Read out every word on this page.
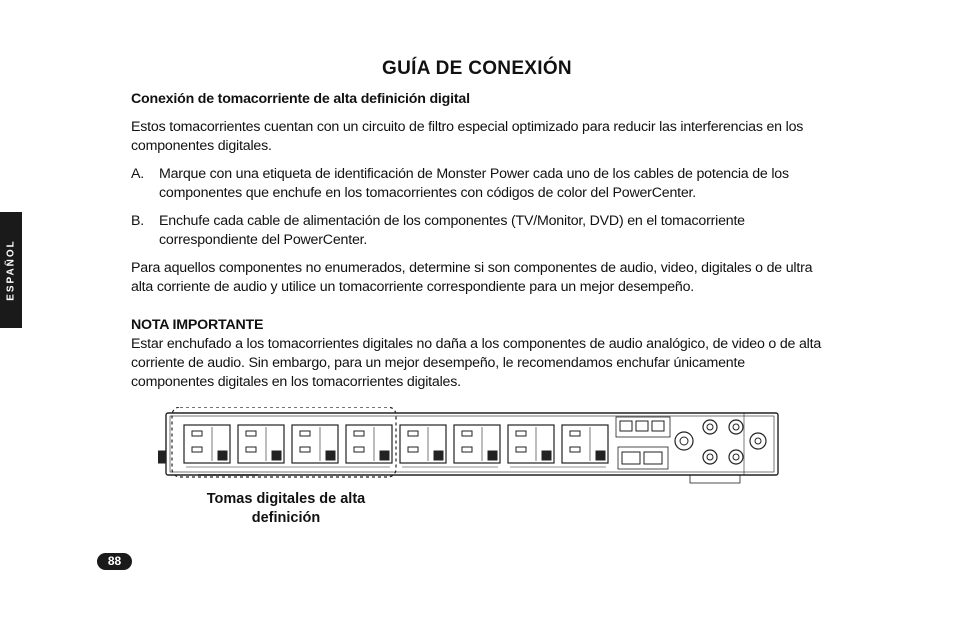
ESPAÑOL
GUÍA DE CONEXIÓN

Conexión de tomacorriente de alta definición digital

Estos tomacorrientes cuentan con un circuito de filtro especial optimizado para reducir las interferencias en los componentes digitales.

A.	Marque con una etiqueta de identificación de Monster Power cada uno de los cables de potencia de los componentes que enchufe en los tomacorrientes con códigos de color del PowerCenter.
B.	Enchufe cada cable de alimentación de los componentes (TV/Monitor, DVD) en el tomacorriente correspondiente del PowerCenter.

Para aquellos componentes no enumerados, determine si son componentes de audio, video, digitales o de ultra alta corriente de audio y utilice un tomacorriente correspondiente para un mejor desempeño.

NOTA IMPORTANTE

Estar enchufado a los tomacorrientes digitales no daña a los componentes de audio analógico, de video o de alta corriente de audio. Sin embargo, para un mejor desempeño, le recomendamos enchufar únicamente componentes digitales en los tomacorrientes digitales.

Tomas digitales de alta definición
88
